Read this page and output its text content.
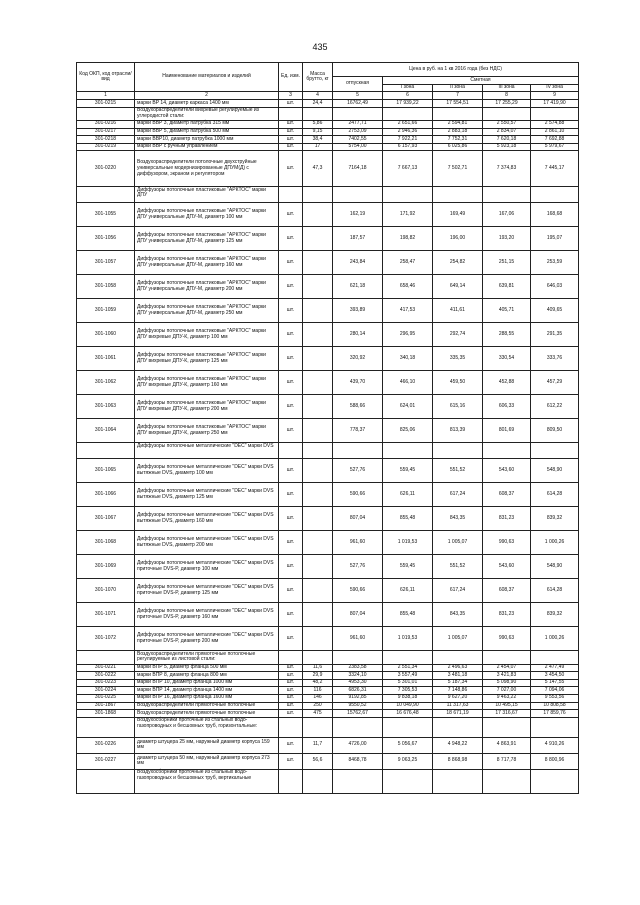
435
Код ОКП, код отрасли/вид	Наименование материалов и изделий	Ед. изм.	Масса брутто, кг	Цена в руб. на 1 кв 2016 года (без НДС)				
				отпускная	Сметная			
					I зона	II зона	III зона	IV зона
1	2	3	4	5	6	7	8	9
301-0215	марки ВР 14, диаметр каркаса 1400 мм	шт.	24,4	16762,49	17 939,22	17 554,51	17 255,29	17 419,90
	Воздухораспределители вихревые регулируемые из углеродистой стали:							
301-0216	марки ВВР 3, диаметр патрубка 315 мм	шт.	5,86	2477,71	2 651,66	2 594,81	2 550,57	2 574,88
301-0217	марки ВВР 5, диаметр патрубка 500 мм	шт.	9,15	2753,09	2 946,36	2 883,18	2 834,07	2 861,10
301-0218	марки ВВР10, диаметр патрубка 1000 мм	шт.	38,4	7402,55	7 922,21	7 752,31	7 620,18	7 692,88
301-0219	марки ВВР с ручным управлением	шт.	17	5754,00	6 157,93	6 025,86	5 923,18	5 979,67
301-0220	Воздухораспределители потолочные двухструйные универсальные модернизированные ДПУМ(Д) с диффузором, экраном и регулятором	шт.	47,3	7164,18	7 667,13	7 502,71	7 374,83	7 445,17
	Диффузоры потолочные пластиковые "АРКТОС" марки ДПУ							
301-1055	Диффузоры потолочные пластиковые "АРКТОС" марки ДПУ универсальные ДПУ-М, диаметр 100 мм	шт.		162,19	171,92	169,49	167,06	168,68
301-1056	Диффузоры потолочные пластиковые "АРКТОС" марки ДПУ универсальные ДПУ-М, диаметр 125 мм	шт.		187,57	198,82	196,00	193,20	195,07
301-1057	Диффузоры потолочные пластиковые "АРКТОС" марки ДПУ универсальные ДПУ-М, диаметр 160 мм	шт.		243,84	258,47	254,82	251,15	253,59
301-1058	Диффузоры потолочные пластиковые "АРКТОС" марки ДПУ универсальные ДПУ-М, диаметр 200 мм	шт.		621,18	658,46	649,14	639,81	646,03
301-1059	Диффузоры потолочные пластиковые "АРКТОС" марки ДПУ универсальные ДПУ-М, диаметр 250 мм	шт.		393,89	417,53	411,61	405,71	409,65
301-1060	Диффузоры потолочные пластиковые "АРКТОС" марки ДПУ вихревые ДПУ-К, диаметр 100 мм	шт.		280,14	296,95	292,74	288,55	291,35
301-1061	Диффузоры потолочные пластиковые "АРКТОС" марки ДПУ вихревые ДПУ-К, диаметр 125 мм	шт.		320,92	340,18	335,35	330,54	333,76
301-1062	Диффузоры потолочные пластиковые "АРКТОС" марки ДПУ вихревые ДПУ-К, диаметр 160 мм	шт.		439,70	466,10	459,50	452,88	457,29
301-1063	Диффузоры потолочные пластиковые "АРКТОС" марки ДПУ вихревые ДПУ-К, диаметр 200 мм	шт.		588,66	624,01	615,16	606,33	612,22
301-1064	Диффузоры потолочные пластиковые "АРКТОС" марки ДПУ вихревые ДПУ-К, диаметр 250 мм	шт.		778,37	825,06	813,39	801,69	809,50
	Диффузоры потолочные металлические "DEC" марки DVS							
301-1065	Диффузоры потолочные металлические "DEC" марки DVS вытяжные DVS, диаметр 100 мм	шт.		527,76	559,45	551,52	543,60	548,90
301-1066	Диффузоры потолочные металлические "DEC" марки DVS вытяжные DVS, диаметр 125 мм	шт.		590,66	626,11	617,24	608,37	614,28
301-1067	Диффузоры потолочные металлические "DEC" марки DVS вытяжные DVS, диаметр 160 мм	шт.		807,04	855,48	843,35	831,23	839,32
301-1068	Диффузоры потолочные металлические "DEC" марки DVS вытяжные DVS, диаметр 200 мм	шт.		961,60	1 019,53	1 005,07	990,63	1 000,26
301-1069	Диффузоры потолочные металлические "DEC" марки DVS приточные DVS-P, диаметр 100 мм	шт.		527,76	559,45	551,52	543,60	548,90
301-1070	Диффузоры потолочные металлические "DEC" марки DVS приточные DVS-P, диаметр 125 мм	шт.		590,66	626,11	617,24	608,37	614,28
301-1071	Диффузоры потолочные металлические "DEC" марки DVS приточные DVS-P, диаметр 160 мм	шт.		807,04	855,48	843,35	831,23	839,32
301-1072	Диффузоры потолочные металлические "DEC" марки DVS приточные DVS-P, диаметр 200 мм	шт.		961,60	1 019,53	1 005,07	990,63	1 000,26
	Воздухораспределители прямоточные потолочные регулируемые из листовой стали:							
301-0221	марки ВПР 5, диаметр фланца 500 мм	шт.	11,6	2383,58	2 551,34	2 496,63	2 454,07	2 477,49
301-0222	марки ВПР 8, диаметр фланца 800 мм	шт.	29,9	3324,10	3 557,49	3 481,18	3 421,83	3 454,50
301-0223	марки ВПР 10, диаметр фланца 1000 мм	шт.	48,2	4953,30	5 301,01	5 187,34	5 098,90	5 147,55
301-0224	марки ВПР 14, диаметр фланца 1400 мм	шт.	116	6826,31	7 305,53	7 148,86	7 027,00	7 094,06
301-0225	марки ВПР 16, диаметр фланца 1600 мм	шт.	146	9192,85	9 838,18	9 627,20	9 463,22	9 553,56
301-1867	Воздухораспределители прямоточные потолочные	шт.	250	9550,52	10 049,90	11 317,63	10 495,15	10 808,58
301-1868	Воздухораспределители прямоточные потолочные	шт.	475	15762,67	16 676,48	18 671,19	17 316,67	17 859,76
	Воздухосборники проточные из стальных водо-газопроводных и бесшовных труб, горизонтальные:							
301-0226	диаметр штуцера 25 мм, наружный диаметр корпуса 159 мм	шт.	11,7	4726,00	5 056,67	4 948,22	4 863,91	4 910,26
301-0227	диаметр штуцера 50 мм, наружный диаметр корпуса 273 мм	шт.	56,6	8468,78	9 063,25	8 868,98	8 717,78	8 800,96
	Воздухосборники проточные из стальных водо-газопроводных и бесшовных труб, вертикальные							
